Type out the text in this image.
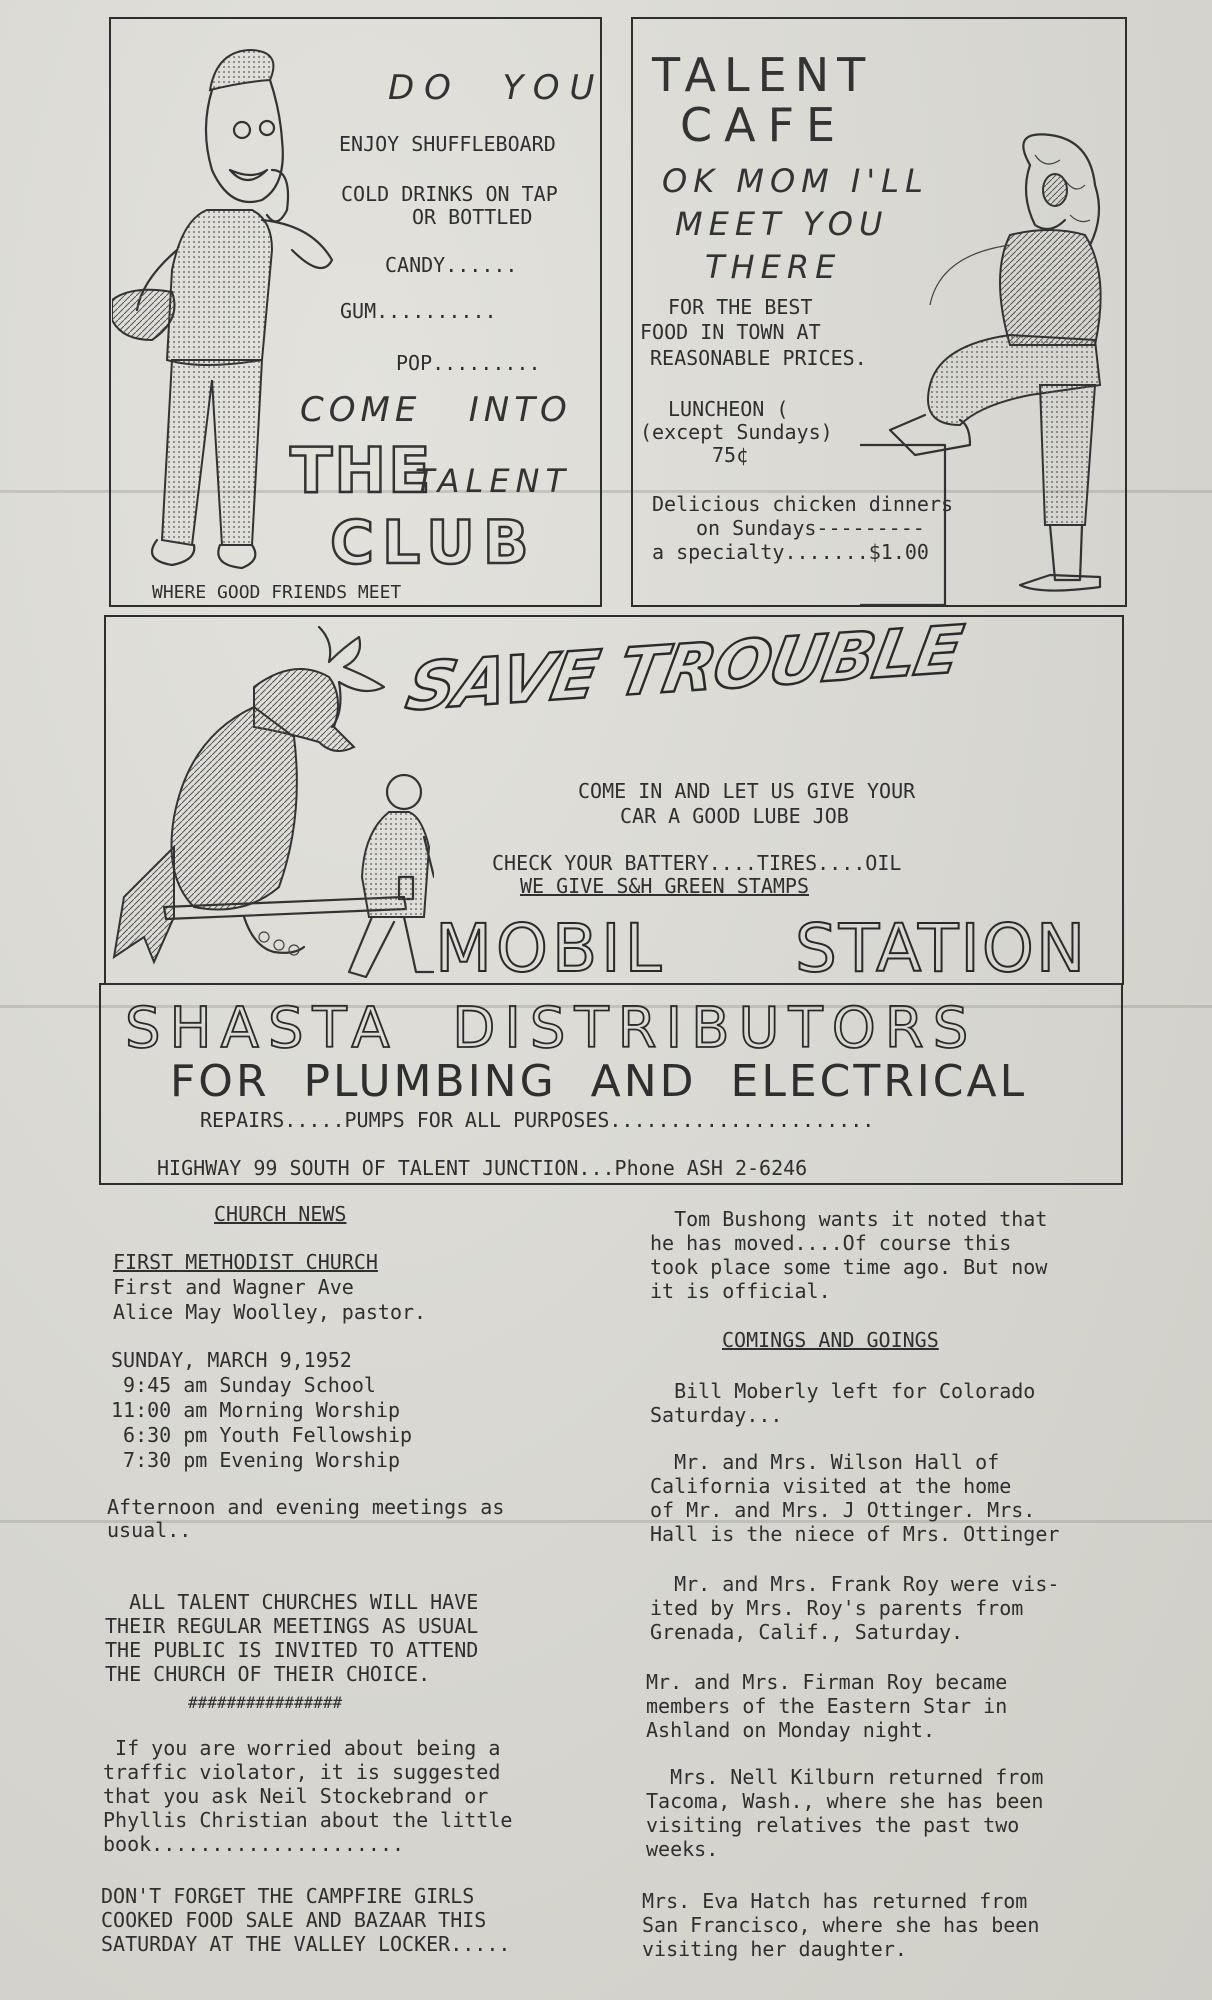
DO  YOU
ENJOY SHUFFLEBOARD
COLD DRINKS ON TAP
OR BOTTLED
CANDY......
GUM..........
POP.........
COME   INTO
THE
TALENT
CLUB
WHERE GOOD FRIENDS MEET
TALENT
CAFE
OK MOM I'LL
MEET YOU
THERE
FOR THE BEST
FOOD IN TOWN AT
REASONABLE PRICES.
LUNCHEON (
(except Sundays)
75¢
Delicious chicken dinners
on Sundays---------
a specialty.......$1.00
SAVE TROUBLE
COME IN AND LET US GIVE YOUR
CAR A GOOD LUBE JOB
CHECK YOUR BATTERY....TIRES....OIL
WE GIVE S&H GREEN STAMPS
MOBIL STATION
SHASTA  DISTRIBUTORS
FOR  PLUMBING  AND  ELECTRICAL
REPAIRS.....PUMPS FOR ALL PURPOSES......................
HIGHWAY 99 SOUTH OF TALENT JUNCTION...Phone ASH 2-6246
CHURCH NEWS
FIRST METHODIST CHURCH
First and Wagner Ave
Alice May Woolley, pastor.
SUNDAY, MARCH 9,1952
9:45 am Sunday School
11:00 am Morning Worship
6:30 pm Youth Fellowship
7:30 pm Evening Worship
Afternoon and evening meetings as
usual..
ALL TALENT CHURCHES WILL HAVE
THEIR REGULAR MEETINGS AS USUAL
THE PUBLIC IS INVITED TO ATTEND
THE CHURCH OF THEIR CHOICE.
################
If you are worried about being a
traffic violator, it is suggested
that you ask Neil Stockebrand or
Phyllis Christian about the little
book.....................
DON'T FORGET THE CAMPFIRE GIRLS
COOKED FOOD SALE AND BAZAAR THIS
SATURDAY AT THE VALLEY LOCKER.....
Tom Bushong wants it noted that
he has moved....Of course this
took place some time ago. But now
it is official.
COMINGS AND GOINGS
Bill Moberly left for Colorado
Saturday...
Mr. and Mrs. Wilson Hall of
California visited at the home
of Mr. and Mrs. J Ottinger. Mrs.
Hall is the niece of Mrs. Ottinger
Mr. and Mrs. Frank Roy were vis-
ited by Mrs. Roy's parents from
Grenada, Calif., Saturday.
Mr. and Mrs. Firman Roy became
members of the Eastern Star in
Ashland on Monday night.
Mrs. Nell Kilburn returned from
Tacoma, Wash., where she has been
visiting relatives the past two
weeks.
Mrs. Eva Hatch has returned from
San Francisco, where she has been
visiting her daughter.
